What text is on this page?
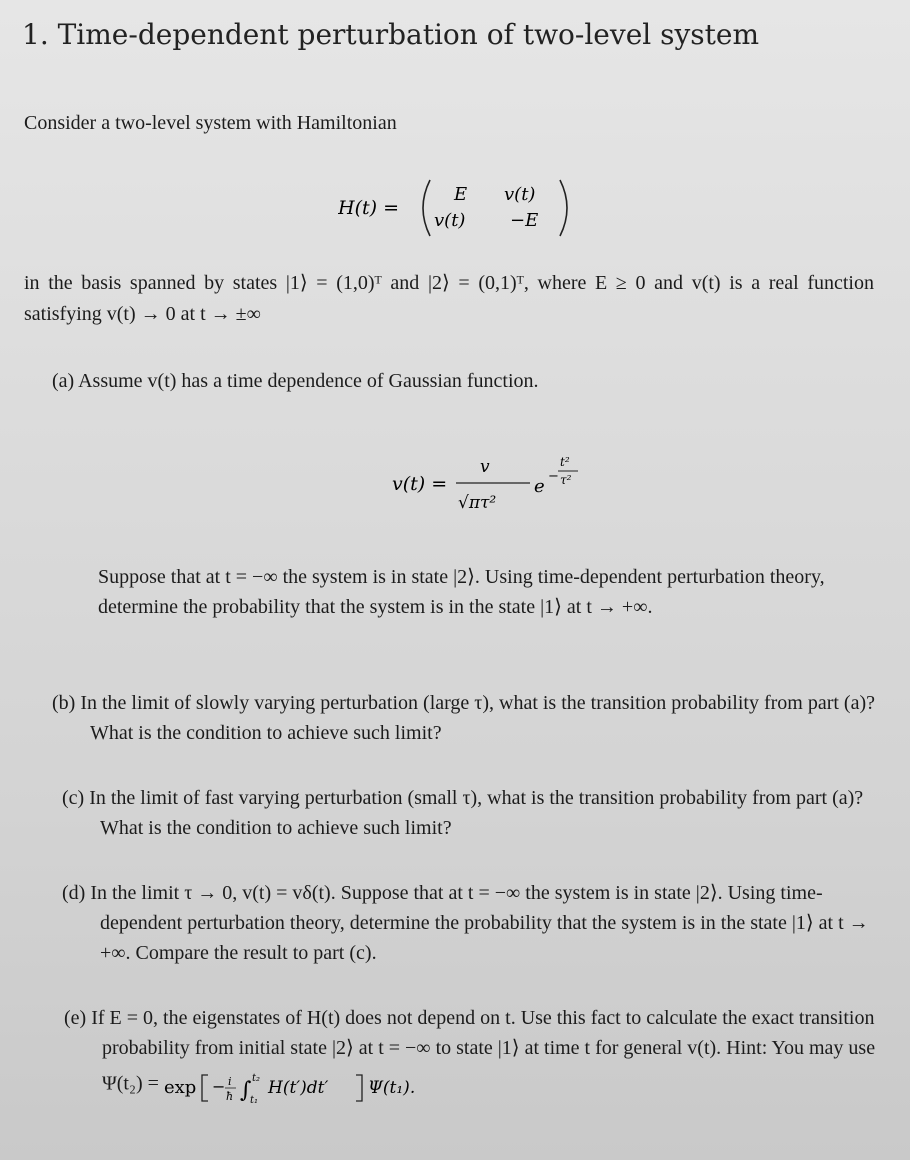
1. Time-dependent perturbation of two-level system

Consider a two-level system with Hamiltonian

H(t) =
E v(t)
v(t) −E

in the basis spanned by states |1⟩ = (1,0)ᵀ and |2⟩ = (0,1)ᵀ, where E ≥ 0 and v(t) is a real function satisfying v(t) → 0 at t → ±∞

(a) Assume v(t) has a time dependence of Gaussian function.

v(t) =
v
√πτ²
e −
t²
τ²

Suppose that at t = −∞ the system is in state |2⟩. Using time-dependent perturbation theory, determine the probability that the system is in the state |1⟩ at t → +∞.

(b) In the limit of slowly varying perturbation (large τ), what is the transition probability from part (a)? What is the condition to achieve such limit?

(c) In the limit of fast varying perturbation (small τ), what is the transition probability from part (a)? What is the condition to achieve such limit?

(d) In the limit τ → 0, v(t) = vδ(t). Suppose that at t = −∞ the system is in state |2⟩. Using time-dependent perturbation theory, determine the probability that the system is in the state |1⟩ at t → +∞. Compare the result to part (c).

(e) If E = 0, the eigenstates of H(t) does not depend on t. Use this fact to calculate the exact transition probability from initial state |2⟩ at t = −∞ to state |1⟩ at time t for general v(t). Hint: You may use Ψ(t₂) = exp − i
ħ ∫ t₂
t₁
H(t′)dt′ Ψ(t₁).
